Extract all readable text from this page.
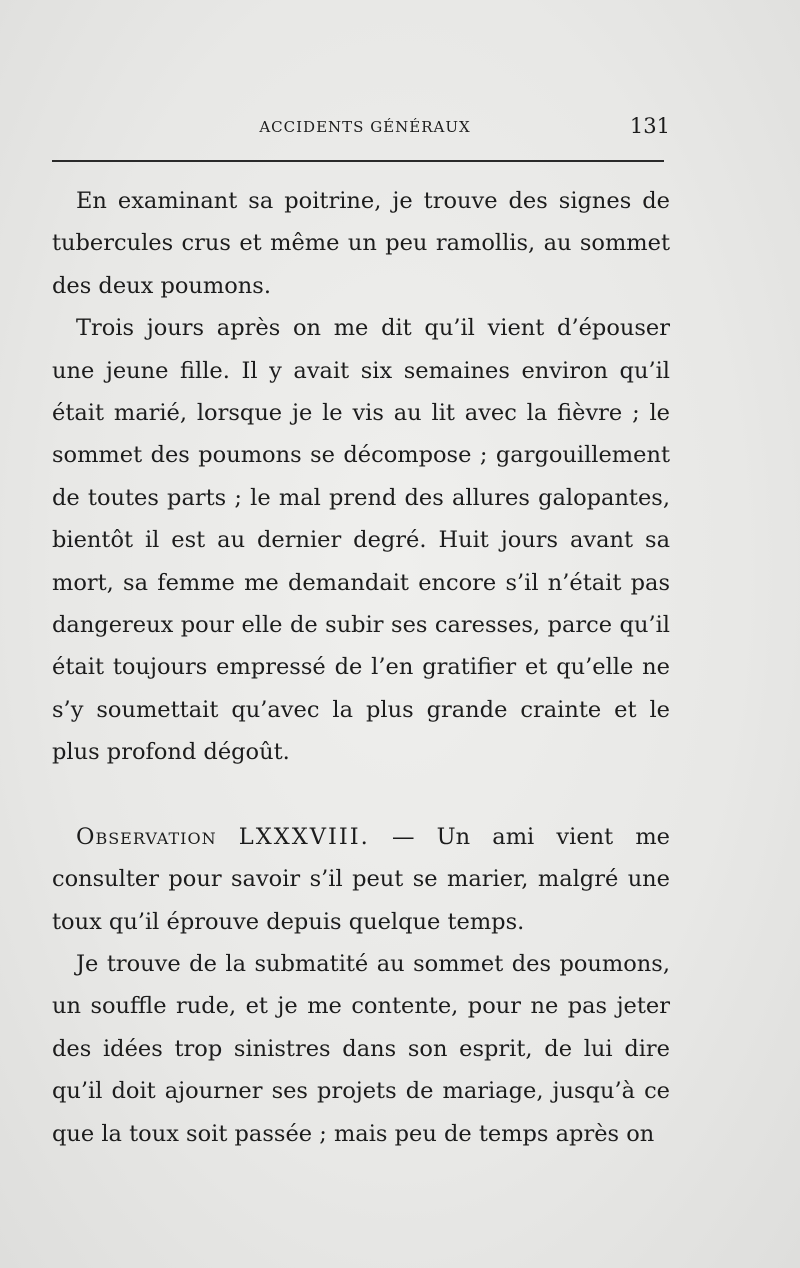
ACCIDENTS GÉNÉRAUX	131

En examinant sa poitrine, je trouve des signes de tubercules crus et même un peu ramollis, au sommet des deux poumons.

Trois jours après on me dit qu’il vient d’épouser une jeune fille. Il y avait six semaines environ qu’il était marié, lorsque je le vis au lit avec la fièvre ; le sommet des poumons se décompose ; gargouillement de toutes parts ; le mal prend des allures galopantes, bientôt il est au dernier degré. Huit jours avant sa mort, sa femme me demandait encore s’il n’était pas dangereux pour elle de subir ses caresses, parce qu’il était toujours empressé de l’en gratifier et qu’elle ne s’y soumettait qu’avec la plus grande crainte et le plus profond dégoût.

Observation LXXXVIII. — Un ami vient me consulter pour savoir s’il peut se marier, malgré une toux qu’il éprouve depuis quelque temps.

Je trouve de la submatité au sommet des poumons, un souffle rude, et je me contente, pour ne pas jeter des idées trop sinistres dans son esprit, de lui dire qu’il doit ajourner ses projets de mariage, jusqu’à ce que la toux soit passée ; mais peu de temps après on
